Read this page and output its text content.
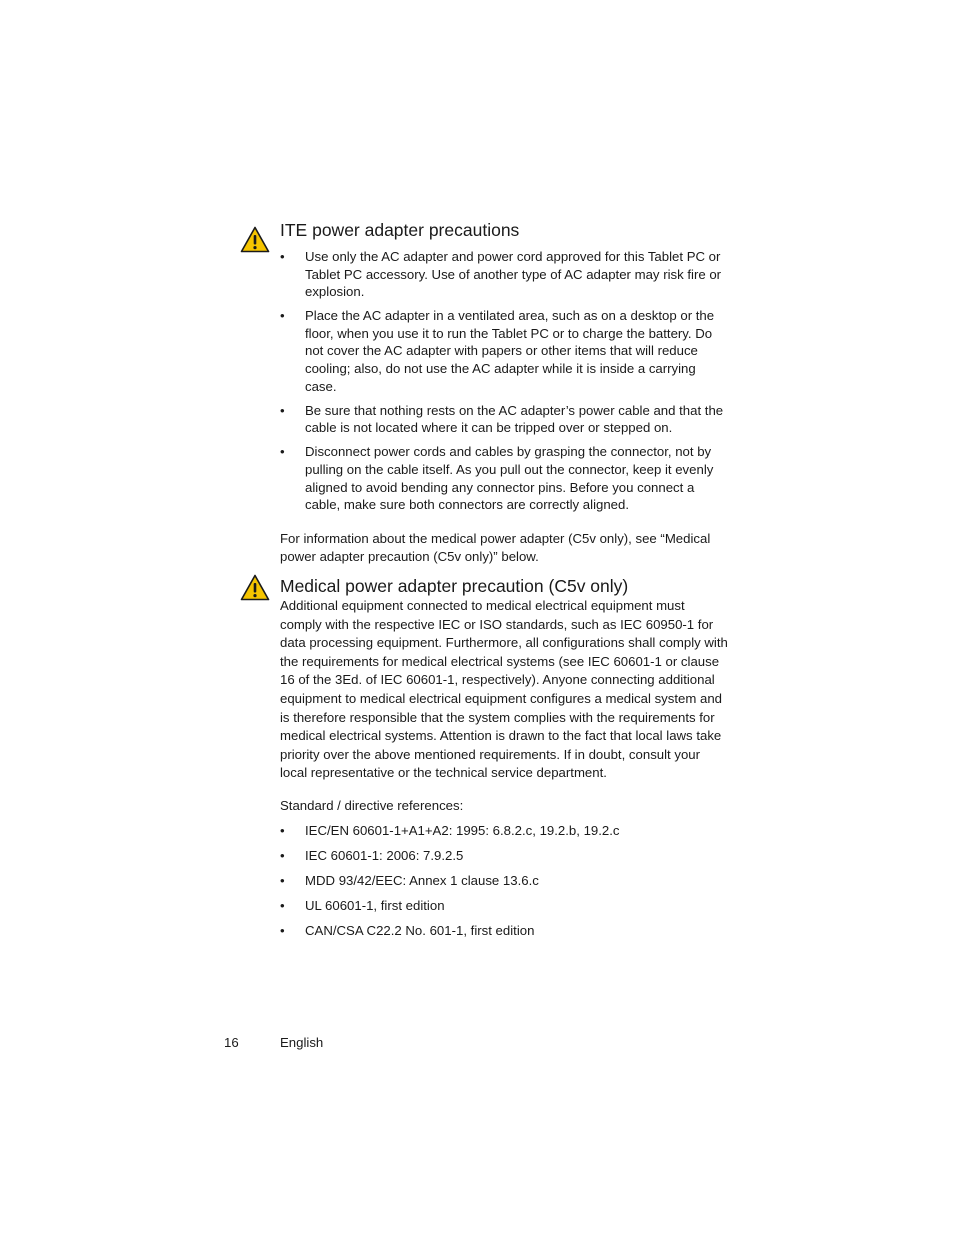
ITE power adapter precautions
• Use only the AC adapter and power cord approved for this Tablet PC or Tablet PC accessory. Use of another type of AC adapter may risk fire or explosion.
• Place the AC adapter in a ventilated area, such as on a desktop or the floor, when you use it to run the Tablet PC or to charge the battery. Do not cover the AC adapter with papers or other items that will reduce cooling; also, do not use the AC adapter while it is inside a carrying case.
• Be sure that nothing rests on the AC adapter’s power cable and that the cable is not located where it can be tripped over or stepped on.
• Disconnect power cords and cables by grasping the connector, not by pulling on the cable itself. As you pull out the connector, keep it evenly aligned to avoid bending any connector pins. Before you connect a cable, make sure both connectors are correctly aligned.

For information about the medical power adapter (C5v only), see “Medical power adapter precaution (C5v only)” below.

Medical power adapter precaution (C5v only)

Additional equipment connected to medical electrical equipment must comply with the respective IEC or ISO standards, such as IEC 60950-1 for data processing equipment. Furthermore, all configurations shall comply with the requirements for medical electrical systems (see IEC 60601-1 or clause 16 of the 3Ed. of IEC 60601-1, respectively). Anyone connecting additional equipment to medical electrical equipment configures a medical system and is therefore responsible that the system complies with the requirements for medical electrical systems. Attention is drawn to the fact that local laws take priority over the above mentioned requirements. If in doubt, consult your local representative or the technical service department.

Standard / directive references:

• IEC/EN 60601-1+A1+A2: 1995: 6.8.2.c, 19.2.b, 19.2.c
• IEC 60601-1: 2006: 7.9.2.5
• MDD 93/42/EEC: Annex 1 clause 13.6.c
• UL 60601-1, first edition
• CAN/CSA C22.2 No. 601-1, first edition
16	English
